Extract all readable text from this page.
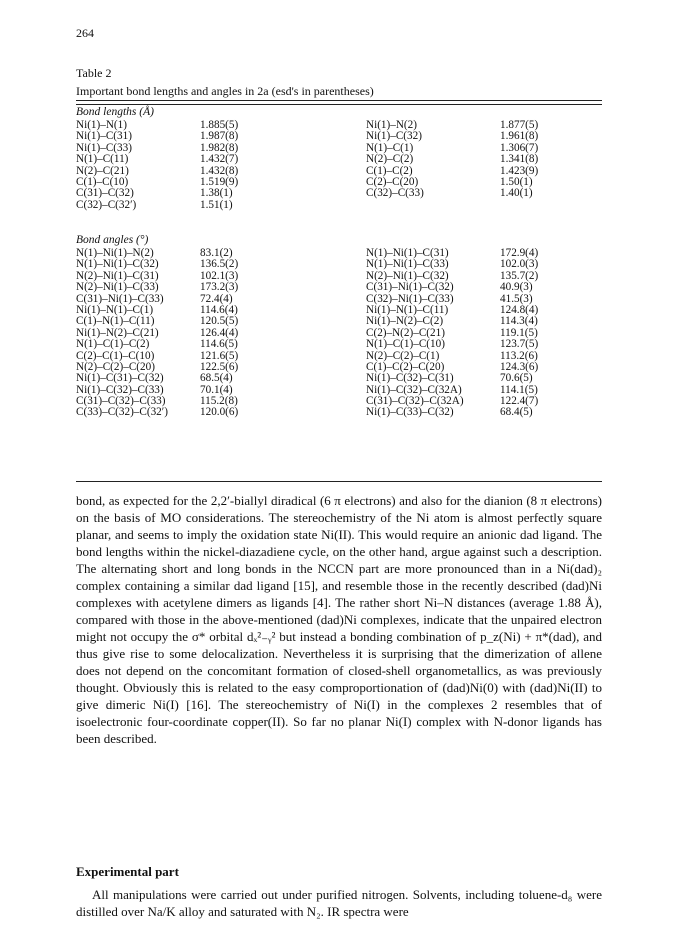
264
Table 2
Important bond lengths and angles in 2a (esd's in parentheses)
Bond lengths (Å)
Ni(1)–N(1)	1.885(5)	Ni(1)–N(2)	1.877(5)
Ni(1)–C(31)	1.987(8)	Ni(1)–C(32)	1.961(8)
Ni(1)–C(33)	1.982(8)	N(1)–C(1)	1.306(7)
N(1)–C(11)	1.432(7)	N(2)–C(2)	1.341(8)
N(2)–C(21)	1.432(8)	C(1)–C(2)	1.423(9)
C(1)–C(10)	1.519(9)	C(2)–C(20)	1.50(1)
C(31)–C(32)	1.38(1)	C(32)–C(33)	1.40(1)
C(32)–C(32′)	1.51(1)
Bond angles (°)
N(1)–Ni(1)–N(2)	83.1(2)	N(1)–Ni(1)–C(31)	172.9(4)
N(1)–Ni(1)–C(32)	136.5(2)	N(1)–Ni(1)–C(33)	102.0(3)
N(2)–Ni(1)–C(31)	102.1(3)	N(2)–Ni(1)–C(32)	135.7(2)
N(2)–Ni(1)–C(33)	173.2(3)	C(31)–Ni(1)–C(32)	40.9(3)
C(31)–Ni(1)–C(33)	72.4(4)	C(32)–Ni(1)–C(33)	41.5(3)
Ni(1)–N(1)–C(1)	114.6(4)	Ni(1)–N(1)–C(11)	124.8(4)
C(1)–N(1)–C(11)	120.5(5)	Ni(1)–N(2)–C(2)	114.3(4)
Ni(1)–N(2)–C(21)	126.4(4)	C(2)–N(2)–C(21)	119.1(5)
N(1)–C(1)–C(2)	114.6(5)	N(1)–C(1)–C(10)	123.7(5)
C(2)–C(1)–C(10)	121.6(5)	N(2)–C(2)–C(1)	113.2(6)
N(2)–C(2)–C(20)	122.5(6)	C(1)–C(2)–C(20)	124.3(6)
Ni(1)–C(31)–C(32)	68.5(4)	Ni(1)–C(32)–C(31)	70.6(5)
Ni(1)–C(32)–C(33)	70.1(4)	Ni(1)–C(32)–C(32A)	114.1(5)
C(31)–C(32)–C(33)	115.2(8)	C(31)–C(32)–C(32A)	122.4(7)
C(33)–C(32)–C(32′)	120.0(6)	Ni(1)–C(33)–C(32)	68.4(5)

bond, as expected for the 2,2′-biallyl diradical (6 π electrons) and also for the dianion (8 π electrons) on the basis of MO considerations. The stereochemistry of the Ni atom is almost perfectly square planar, and seems to imply the oxidation state Ni(II). This would require an anionic dad ligand. The bond lengths within the nickel-diazadiene cycle, on the other hand, argue against such a description. The alternating short and long bonds in the NCCN part are more pronounced than in a Ni(dad)₂ complex containing a similar dad ligand [15], and resemble those in the recently described (dad)Ni complexes with acetylene dimers as ligands [4]. The rather short Ni–N distances (average 1.88 Å), compared with those in the above-mentioned (dad)Ni complexes, indicate that the unpaired electron might not occupy the σ* orbital dₓ²₋ᵧ² but instead a bonding combination of p_z(Ni) + π*(dad), and thus give rise to some delocalization. Nevertheless it is surprising that the dimerization of allene does not depend on the concomitant formation of closed-shell organometallics, as was previously thought. Obviously this is related to the easy comproportionation of (dad)Ni(0) with (dad)Ni(II) to give dimeric Ni(I) [16]. The stereochemistry of Ni(I) in the complexes 2 resembles that of isoelectronic four-coordinate copper(II). So far no planar Ni(I) complex with N-donor ligands has been described.

Experimental part

All manipulations were carried out under purified nitrogen. Solvents, including toluene-d₈ were distilled over Na/K alloy and saturated with N₂. IR spectra were
